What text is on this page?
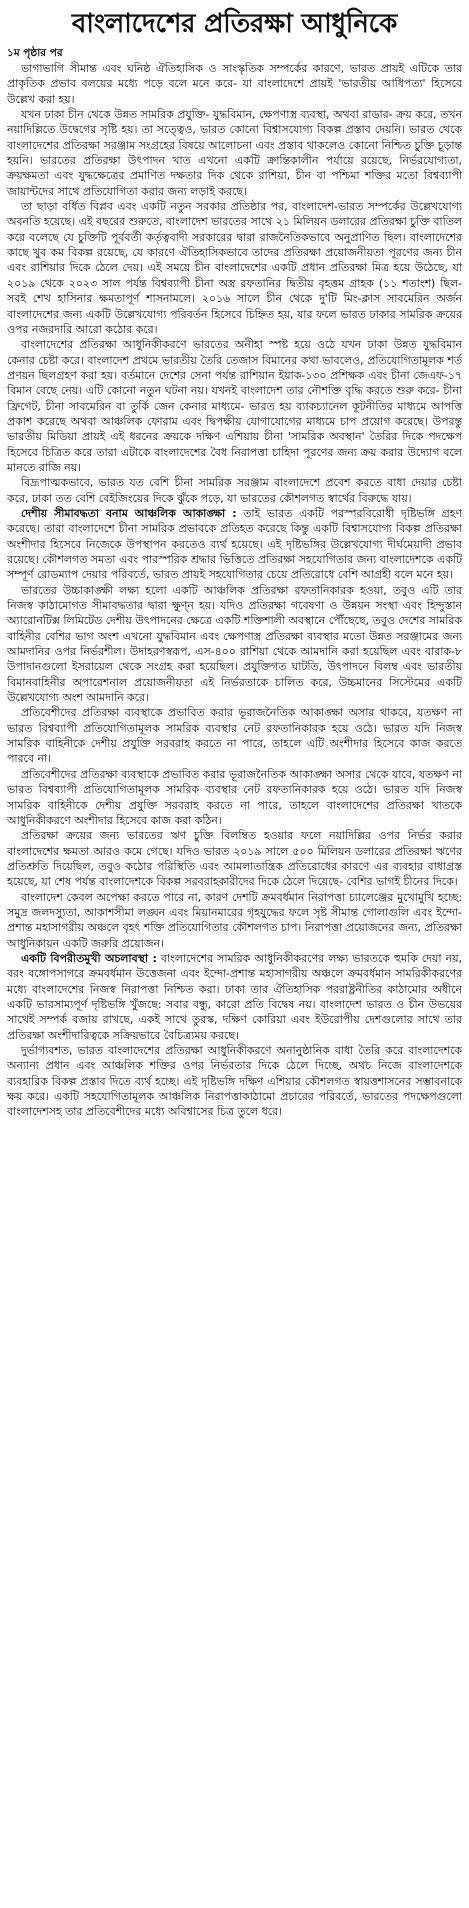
বাংলাদেশের প্রতিরক্ষা আধুনিকে
১ম পৃষ্ঠার পর

ভাগাভাগি সীমান্ত এবং ঘনিষ্ঠ ঐতিহাসিক ও সাংস্কৃতিক সম্পর্কের কারণে, ভারত প্রায়ই এটিকে তার প্রাকৃতিক প্রভাব বলয়ের মধ্যে পড়ে বলে মনে করে- যা বাংলাদেশে প্রায়ই 'ভারতীয় আধিপত্য' হিসেবে উল্লেখ করা হয়।

যখন ঢাকা চীন থেকে উন্নত সামরিক প্রযুক্তি- যুদ্ধবিমান, ক্ষেপণাস্ত্র ব্যবস্থা, অথবা রাডার- ক্রয় করে, তখন নয়াদিল্লিতে উদ্বেগের সৃষ্টি হয়। তা সত্ত্বেও, ভারত কোনো বিশ্বাসযোগ্য বিকল্প প্রস্তাব দেয়নি। ভারত থেকে বাংলাদেশের প্রতিরক্ষা সরঞ্জাম সংগ্রহের বিষয়ে আলোচনা এবং প্রস্তাব থাকলেও কোনো নিশ্চিত চুক্তি চূড়ান্ত হয়নি। ভারতের প্রতিরক্ষা উৎপাদন খাত এখনো একটি ক্রান্তিকালীন পর্যায়ে রয়েছে, নির্ভরযোগ্যতা, ক্রয়ক্ষমতা এবং যুদ্ধক্ষেত্রের প্রমাণিত দক্ষতার দিক থেকে রাশিয়া, চীন বা পশ্চিমা শক্তির মতো বিশ্বব্যাপী জায়ান্টদের সাথে প্রতিযোগিতা করার জন্য লড়াই করছে।

তা ছাড়া বর্ধিত বিপ্লব এবং একটি নতুন সরকার প্রতিষ্ঠার পর, বাংলাদেশ-ভারত সম্পর্কের উল্লেখযোগ্য অবনতি হয়েছে। এই বছরের শুরুতে, বাংলাদেশ ভারতের সাথে ২১ মিলিয়ন ডলারের প্রতিরক্ষা চুক্তি বাতিল করে বলেছে যে চুক্তিটি পূর্ববর্তী কর্তৃত্ববাদী সরকারের দ্বারা রাজনৈতিকভাবে অনুপ্রাণিত ছিল। বাংলাদেশের কাছে খুব কম বিকল্প রয়েছে, যে কারণে ঐতিহাসিকভাবে তাদের প্রতিরক্ষা প্রয়োজনীয়তা পূরণের জন্য চীন এবং রাশিয়ার দিকে ঠেলে দেয়। এই সময়ে চীন বাংলাদেশের একটি প্রধান প্রতিরক্ষা মিত্র হয়ে উঠেছে, যা ২০১৯ থেকে ২০২৩ সাল পর্যন্ত বিশ্বব্যাপী চীনা অস্ত্র রফতানির দ্বিতীয় বৃহত্তম গ্রাহক (১১ শতাংশ) ছিল- সবই শেখ হাসিনার ক্ষমতাপূর্ণ শাসনামলে। ২০১৬ সালে চীন থেকে দু'টি মিং-ক্লাস সাবমেরিন অর্জন বাংলাদেশের জন্য একটি উল্লেখযোগ্য পরিবর্তন হিসেবে চিহ্নিত হয়, যার ফলে ভারত ঢাকার সামরিক ক্রয়ের ওপর নজরদারি আরো কঠোর করে।

বাংলাদেশের প্রতিরক্ষা আধুনিকীকরণে ভারতের অনীহা স্পষ্ট হয়ে ওঠে যখন ঢাকা উন্নত যুদ্ধবিমান কেনার চেষ্টা করে। বাংলাদেশ প্রথমে ভারতীয় তৈরি তেজাস বিমানের কথা ভাবলেও, প্রতিযোগিতামূলক শর্ত প্রণয়ন ছিলগ্রহণ করা হয়। বর্তমানে দেশের সেনা পর্যন্ত রাশিয়ান ইয়াক-১৩০ প্রশিক্ষক এবং চীনা জেএফ-১৭ বিমান বেছে নেয়। এটি কোনো নতুন ঘটনা নয়। যখনই বাংলাদেশ তার নৌশক্তি বৃদ্ধি করতে শুরু করে- চীনা ফ্রিগেট, চীনা সাবমেরিন বা তুর্কি জেন কেনার মাধ্যমে- ভারত হয় ব্যাকচ্যানেল কূটনীতির মাধ্যমে আপত্তি প্রকাশ করেছে অথবা আঞ্চলিক ফোরাম এবং দ্বিপক্ষীয় যোগাযোগের মাধ্যমে চাপ প্রয়োগ করেছে। উপরন্তু ভারতীয় মিডিয়া প্রায়ই এই ধরনের ক্রয়কে দক্ষিণ এশিয়ায় চীনা 'সামরিক অবস্থান' তৈরির দিকে পদক্ষেপ হিসেবে চিত্রিত করে তারা এটাকে বাংলাদেশের বৈধ নিরাপত্তা চাহিদা পূরণের জন্য ক্রয় করার উদ্যোগ বলে মানতে রাজি নয়।

বিদ্রূপাত্মকভাবে, ভারত যত বেশি চীনা সামরিক সরঞ্জাম বাংলাদেশে প্রবেশ করতে বাধা দেয়ার চেষ্টা করে, ঢাকা তত বেশি বেইজিংয়ের দিকে ঝুঁকে পড়ে, যা ভারতের কৌশলগত স্বার্থের বিরুদ্ধে যায়।

দেশীয় সীমাবদ্ধতা বনাম আঞ্চলিক আকাঙ্ক্ষা : তাই ভারত একটি পরস্পরবিরোধী দৃষ্টিভঙ্গি গ্রহণ করেছে। তারা বাংলাদেশে চীনা সামরিক প্রভাবকে প্রতিহত করেছে কিন্তু একটি বিশ্বাসযোগ্য বিকল্প প্রতিরক্ষা অংশীদার হিসেবে নিজেকে উপস্থাপন করতেও ব্যর্থ হয়েছে। এই দৃষ্টিভঙ্গির উল্লেখযোগ্য দীর্ঘমেয়াদী প্রভাব রয়েছে। কৌশলগত সমতা এবং পারস্পরিক শ্রদ্ধার ভিত্তিতে প্রতিরক্ষা সহযোগিতার জন্য বাংলাদেশকে একটি সম্পূর্ণ রোডম্যাপ দেয়ার পরিবর্তে, ভারত প্রায়ই সহযোগিতার চেয়ে প্রতিরোধে বেশি আগ্রহী বলে মনে হয়।

ভারতের উচ্চাকাঙ্ক্ষী লক্ষ্য হলো একটি আঞ্চলিক প্রতিরক্ষা রফতানিকারক হওয়া, তবুও এটি তার নিজস্ব কাঠামোগত সীমাবদ্ধতার দ্বারা ক্ষুণ্ন হয়। যদিও প্রতিরক্ষা গবেষণা ও উন্নয়ন সংস্থা এবং হিন্দুস্তান অ্যারোনটিক্স লিমিটেড দেশীয় উৎপাদনের ক্ষেত্রে একটি শক্তিশালী অবস্থানে পৌঁছেছে, তবুও দেশের সামরিক বাহিনীর বেশির ভাগ অংশ এখনো যুদ্ধবিমান এবং ক্ষেপণাস্ত্র প্রতিরক্ষা ব্যবস্থার মতো উন্নত সরঞ্জামের জন্য আমদানির ওপর নির্ভরশীল। উদাহরণস্বরূপ, এস-৪০০ রাশিয়া থেকে আমদানি করা হয়েছিল এবং বারাক-৮ উপাদানগুলো ইসরায়েল থেকে সংগ্রহ করা হয়েছিল। প্রযুক্তিগত ঘাটতি, উৎপাদনে বিলম্ব এবং ভারতীয় বিমানবাহিনীর অপারেশনাল প্রয়োজনীয়তা এই নির্ভরতাকে চালিত করে, উচ্চমানের সিস্টেমের একটি উল্লেখযোগ্য অংশ আমদানি করে।

প্রতিবেশীদের প্রতিরক্ষা ব্যবস্থাকে প্রভাবিত করার ভূরাজনৈতিক আকাঙ্ক্ষা অসার থাকবে, যতক্ষণ না ভারত বিশ্বব্যাপী প্রতিযোগিতামূলক সামরিক ব্যবস্থার নেট রফতানিকারক হয়ে ওঠে। ভারত যদি নিজস্ব সামরিক বাহিনীকে দেশীয় প্রযুক্তি সরবরাহ করতে না পারে, তাহলে এটি অংশীদার হিসেবে কাজ করতে পারবে না।

প্রতিবেশীদের প্রতিরক্ষা ব্যবস্থাকে প্রভাবিত করার ভূরাজনৈতিক আকাঙ্ক্ষা অসার থেকে যাবে, যতক্ষণ না ভারত বিশ্বব্যাপী প্রতিযোগিতামূলক সামরিক ব্যবস্থার নেট রফতানিকারক হয়ে ওঠে। ভারত যদি নিজস্ব সামরিক বাহিনীকে দেশীয় প্রযুক্তি সরবরাহ করতে না পারে, তাহলে বাংলাদেশের প্রতিরক্ষা খাতকে আধুনিকীকরণে অংশীদার হিসেবে কাজ করা কঠিন।

প্রতিরক্ষা ক্রয়ের জন্য ভারতের ঋণ চুক্তি বিলম্বিত হওয়ার ফলে নয়াদিল্লির ওপর নির্ভর করার বাংলাদেশের ক্ষমতা আরও কমে গেছে। যদিও ভারত ২০১৯ সালে ৫০০ মিলিয়ন ডলারের প্রতিরক্ষা ঋণের প্রতিশ্রুতি দিয়েছিল, তবুও কঠোর পরিস্থিতি এবং আমলাতান্ত্রিক প্রতিরোধের কারণে এর ব্যবহার বাধাগ্রস্ত হয়েছে, যা শেষ পর্যন্ত বাংলাদেশকে বিকল্প সরবরাহকারীদের দিকে ঠেলে দিয়েছে- বেশির ভাগই চীনের দিকে।

বাংলাদেশ কেবল অপেক্ষা করতে পারে না, কারণ দেশটি ক্রমবর্ধমান নিরাপত্তা চ্যালেঞ্জের মুখোমুখি হচ্ছে: সমুদ্র জলদস্যুতা, আকাশসীমা লঙ্ঘন এবং মিয়ানমারের গৃহযুদ্ধের ফলে সৃষ্ট সীমান্ত গোলাগুলি এবং ইন্দো-প্রশান্ত মহাসাগরীয় অঞ্চলে বৃহৎ শক্তি প্রতিযোগিতার কৌশলগত চাপ। নিরাপত্তা প্রয়োজনের জন্য, প্রতিরক্ষা আধুনিকায়ন একটি জরুরি প্রয়োজন।

একটি বিপরীতমুখী অচলাবস্থা : বাংলাদেশের সামরিক আধুনিকীকরণের লক্ষ্য ভারতকে হুমকি দেয়া নয়, বরং বঙ্গোপসাগরে ক্রমবর্ধমান উত্তেজনা এবং ইন্দো-প্রশান্ত মহাসাগরীয় অঞ্চলে ক্রমবর্ধমান সামরিকীকরণের মধ্যে বাংলাদেশের নিজস্ব নিরাপত্তা নিশ্চিত করা। ঢাকা তার ঐতিহাসিক পররাষ্ট্রনীতির কাঠামোর অধীনে একটি ভারসাম্যপূর্ণ দৃষ্টিভঙ্গি খুঁজছে: সবার বন্ধু, কারো প্রতি বিদ্বেষ নয়। বাংলাদেশ ভারত ও চীন উভয়ের সাথেই সম্পর্ক বজায় রাখছে, একই সাথে তুরস্ক, দক্ষিণ কোরিয়া এবং ইউরোপীয় দেশগুলোর সাথে তার প্রতিরক্ষা অংশীদারিত্বকে সক্রিয়ভাবে বৈচিত্র্যময় করছে।

দুর্ভাগ্যবশত, ভারত বাংলাদেশের প্রতিরক্ষা আধুনিকীকরণে অনানুষ্ঠানিক বাধা তৈরি করে বাংলাদেশকে অন্যান্য প্রধান এবং আঞ্চলিক শক্তির ওপর নির্ভরতার দিকে ঠেলে দিচ্ছে, অথচ নিজে বাংলাদেশকে ব্যবহারিক বিকল্প প্রস্তাব দিতে ব্যর্থ হচ্ছে। এই দৃষ্টিভঙ্গি দক্ষিণ এশিয়ার কৌশলগত স্বায়ত্তশাসনের সম্ভাবনাকে ক্ষয় করে। একটি সহযোগিতামূলক আঞ্চলিক নিরাপত্তাকাঠামো প্রচারের পরিবর্তে, ভারতের পদক্ষেপগুলো বাংলাদেশসহ তার প্রতিবেশীদের মধ্যে অবিশ্বাসের চিত্র তুলে ধরে।
